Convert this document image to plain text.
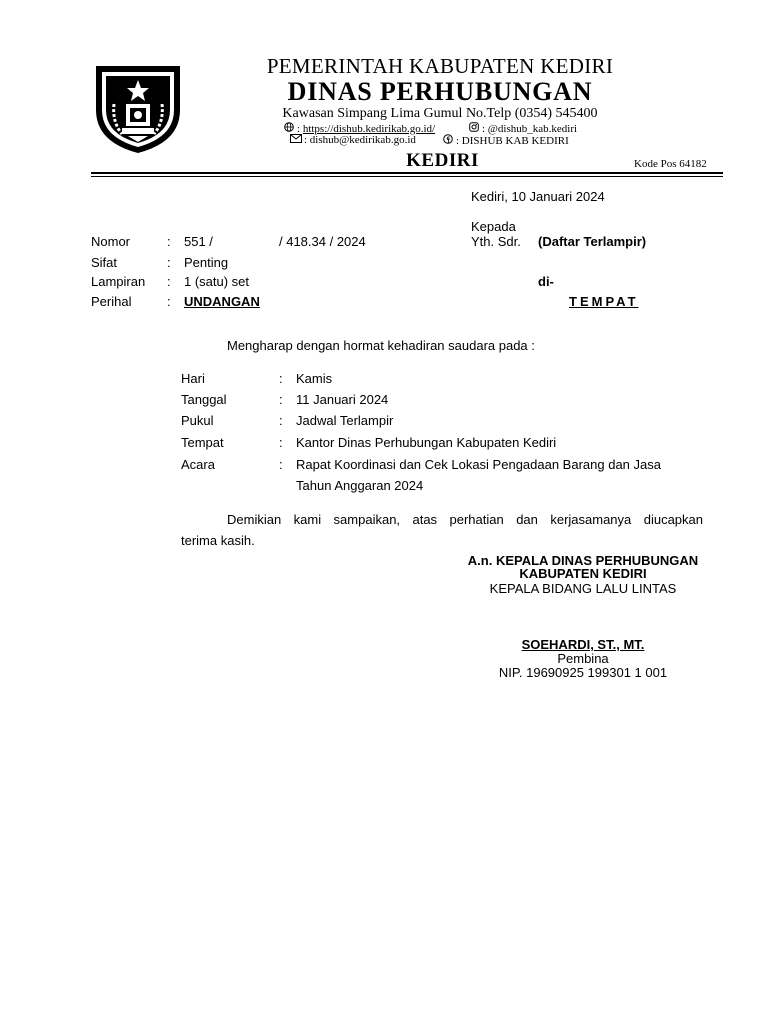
PEMERINTAH KABUPATEN KEDIRI
DINAS PERHUBUNGAN
Kawasan Simpang Lima Gumul No.Telp (0354) 545400
: https://dishub.kedirikab.go.id/	: @dishub_kab.kediri
: dishub@kedirikab.go.id	: DISHUB KAB KEDIRI
KEDIRI	Kode Pos 64182
Kediri, 10 Januari 2024
Nomor	: 551 /	/ 418.34 / 2024
Sifat	: Penting
Lampiran : 1 (satu) set
Perihal	: UNDANGAN
Kepada
Yth. Sdr. (Daftar Terlampir)
di-
TEMPAT
Mengharap dengan hormat kehadiran saudara pada :
Hari	: Kamis
Tanggal	: 11 Januari 2024
Pukul	: Jadwal Terlampir
Tempat	: Kantor Dinas Perhubungan Kabupaten Kediri
Acara	: Rapat Koordinasi dan Cek Lokasi Pengadaan Barang dan Jasa
Tahun Anggaran 2024
Demikian kami sampaikan, atas perhatian dan kerjasamanya diucapkan
terima kasih.
A.n. KEPALA DINAS PERHUBUNGAN
KABUPATEN KEDIRI
KEPALA BIDANG LALU LINTAS
SOEHARDI, ST., MT.
Pembina
NIP. 19690925 199301 1 001
